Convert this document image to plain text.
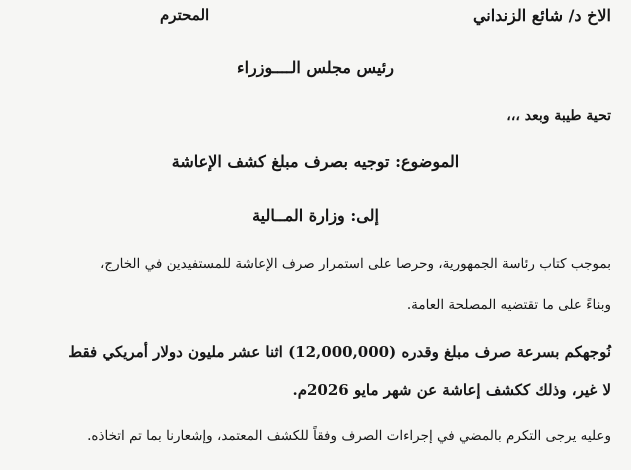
الاخ د/ شائع الزنداني
المحترم
رئيس مجلس الــــوزراء
تحية طيبة وبعد ،،،
الموضوع: توجيه بصرف مبلغ كشف الإعاشة
إلى: وزارة المــالية
بموجب كتاب رئاسة الجمهورية، وحرصا على استمرار صرف الإعاشة للمستفيدين في الخارج،
وبناءً على ما تقتضيه المصلحة العامة.
نُوجهكم بسرعة صرف مبلغ وقدره (12,000,000) اثنا عشر مليون دولار أمريكي فقط
لا غير، وذلك ككشف إعاشة عن شهر مايو 2026م.
وعليه يرجى التكرم بالمضي في إجراءات الصرف وفقاً للكشف المعتمد، وإشعارنا بما تم اتخاذه.
